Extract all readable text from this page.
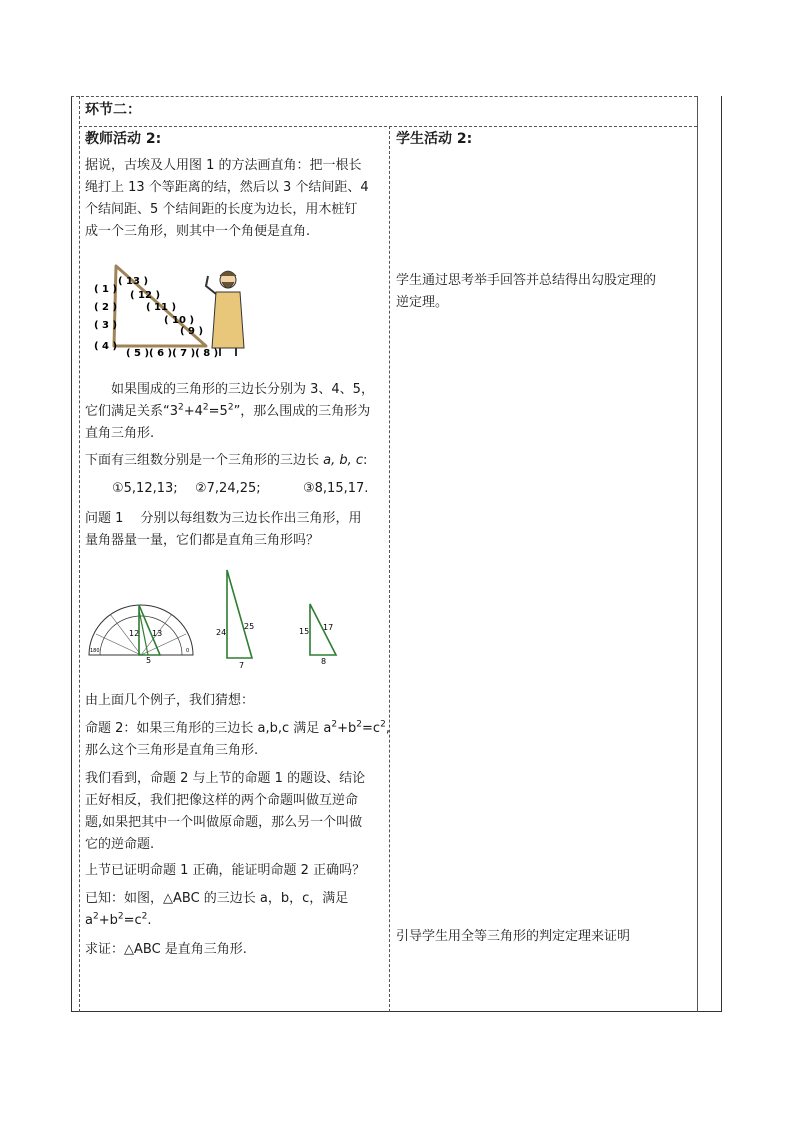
环节二：
教师活动 2:	学生活动 2:
据说，古埃及人用图 1 的方法画直角：把一根长
绳打上 13 个等距离的结，然后以 3 个结间距、4
个结间距、5 个结间距的长度为边长，用木桩钉
成一个三角形，则其中一个角便是直角.
( 1 )
( 2 )
( 3 )
( 4 )
( 13 )
( 12 )
( 11 )
( 10 )
( 9 )
( 5 )( 6 )( 7 )( 8 )
如果围成的三角形的三边长分别为 3、4、5，
它们满足关系“$3^2+4^2=5^2$”，那么围成的三角形为
直角三角形.
下面有三组数分别是一个三角形的三边长 a, b, c:
①5,12,13; ②7,24,25;	③8,15,17.
问题 1　 分别以每组数为三边长作出三角形，用
量角器量一量，它们都是直角三角形吗？
12 13
5
180	0
24
25
7
15 17
8
由上面几个例子，我们猜想：
命题 2：如果三角形的三边长 a,b,c 满足 $a^2+b^2=c^2$,
那么这个三角形是直角三角形.
我们看到，命题 2 与上节的命题 1 的题设、结论
正好相反，我们把像这样的两个命题叫做互逆命
题,如果把其中一个叫做原命题，那么另一个叫做
它的逆命题.
上节已证明命题 1 正确，能证明命题 2 正确吗？
已知：如图，△ABC 的三边长 a，b，c，满足
$a^2+b^2=c^2$.
求证：△ABC 是直角三角形.
学生通过思考举手回答并总结得出勾股定理的
逆定理。
引导学生用全等三角形的判定定理来证明
